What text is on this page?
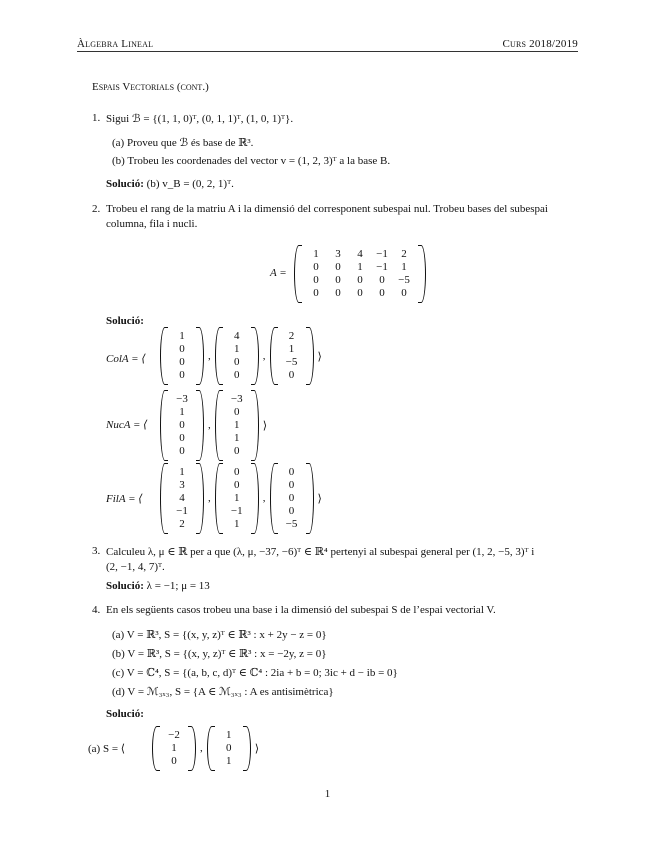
Àlgebra Lineal	Curs 2018/2019
Espais Vectorials (cont.)
1. Sigui ℬ = {(1, 1, 0)ᵀ, (0, 1, 1)ᵀ, (1, 0, 1)ᵀ}.
(a) Proveu que ℬ és base de ℝ³.
(b) Trobeu les coordenades del vector v = (1, 2, 3)ᵀ a la base B.
Solució: (b) v_B = (0, 2, 1)ᵀ.
2. Trobeu el rang de la matriu A i la dimensió del corresponent subespai nul. Trobeu bases del subespai
columna, fila i nucli.
A =
1
0
0
0
3
0
0
0
4
1
0
0
−1
−1
0
0
2
1
−5
0
Solució:
ColA = ⟨
1
0
0
0
,
4
1
0
0
,
2
1
−5
0
⟩
NucA = ⟨
−3
1
0
0
0
,
−3
0
1
1
0
⟩
FilA = ⟨
1
3
4
−1
2
,
0
0
1
−1
1
,
0
0
0
0
−5
⟩
3. Calculeu λ, μ ∈ ℝ per a que (λ, μ, −37, −6)ᵀ ∈ ℝ⁴ pertenyi al subespai general per (1, 2, −5, 3)ᵀ i
(2, −1, 4, 7)ᵀ.
Solució: λ = −1; μ = 13
4. En els següents casos trobeu una base i la dimensió del subespai S de l’espai vectorial V.
(a) V = ℝ³, S = {(x, y, z)ᵀ ∈ ℝ³ : x + 2y − z = 0}
(b) V = ℝ³, S = {(x, y, z)ᵀ ∈ ℝ³ : x = −2y, z = 0}
(c) V = ℂ⁴, S = {(a, b, c, d)ᵀ ∈ ℂ⁴ : 2ia + b = 0; 3ic + d − ib = 0}
(d) V = ℳ₃ₓ₃, S = {A ∈ ℳ₃ₓ₃ : A es antisimètrica}
Solució:
(a) S = ⟨
−2
1
0
,
1
0
1
⟩
1
